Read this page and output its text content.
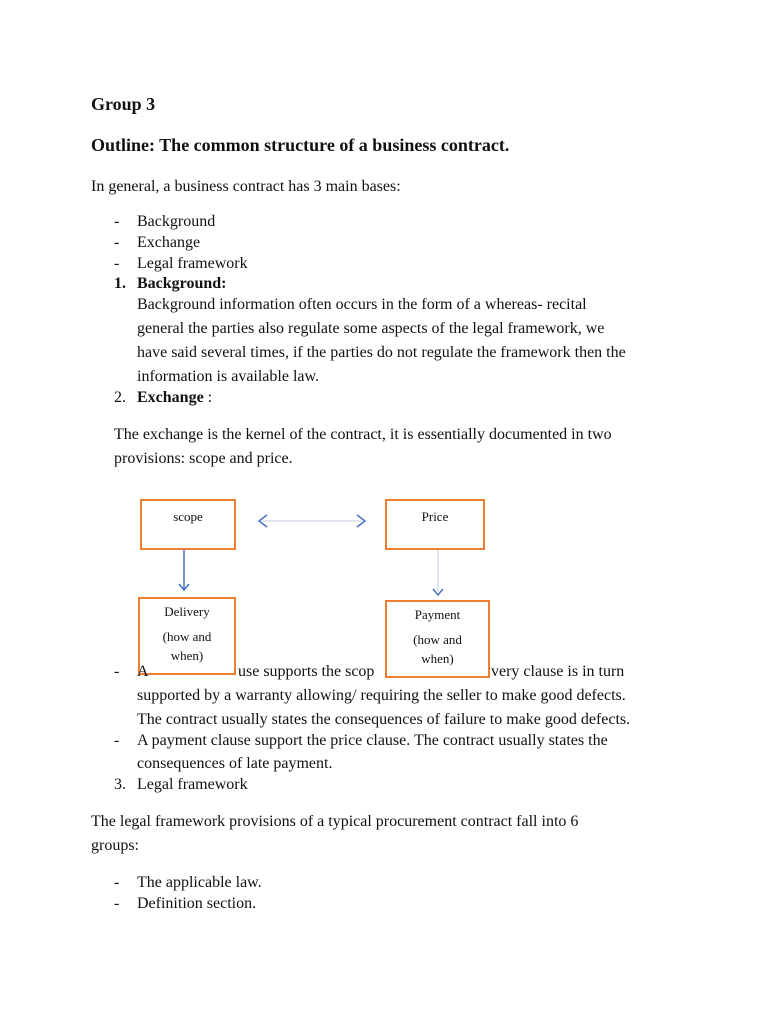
Group 3
Outline: The common structure of a business contract.
In general, a business contract has 3 main bases:
- Background
- Exchange
- Legal framework
1. Background:
Background information often occurs in the form of a whereas- recital
general the parties also regulate some aspects of the legal framework, we
have said several times, if the parties do not regulate the framework then the
information is available law.
2. Exchange :
The exchange is the kernel of the contract, it is essentially documented in two
provisions: scope and price.
scope	Price
Delivery
(how and
when)
Payment
(how and
when)
- A	use supports the scop	very clause is in turn
supported by a warranty allowing/ requiring the seller to make good defects.
The contract usually states the consequences of failure to make good defects.
- A payment clause support the price clause. The contract usually states the
consequences of late payment.
3. Legal framework
The legal framework provisions of a typical procurement contract fall into 6
groups:
- The applicable law.
- Definition section.
